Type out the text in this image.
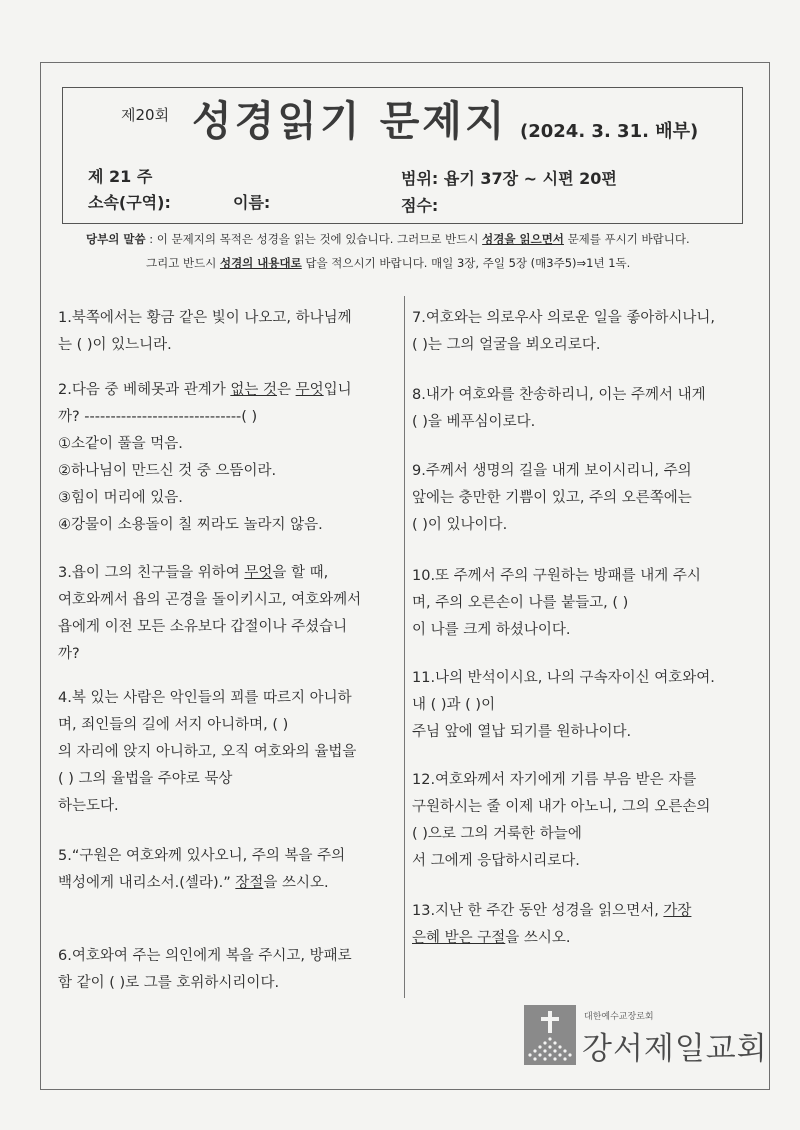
제20회 성경읽기 문제지 (2024. 3. 31. 배부)
제 21 주
소속(구역):	이름:
범위: 욥기 37장 ~ 시편 20편
점수:
당부의 말씀 : 이 문제지의 목적은 성경을 읽는 것에 있습니다. 그러므로 반드시 성경을 읽으면서 문제를 푸시기 바랍니다.
그리고 반드시 성경의 내용대로 답을 적으시기 바랍니다. 매일 3장, 주일 5장 (매3주5)⇒1년 1독.
1.북쪽에서는 황금 같은 빛이 나오고, 하나님께
는 ( )이 있느니라.
2.다음 중 베헤못과 관계가 없는 것은 무엇입니
까? ------------------------------( )
①소같이 풀을 먹음.
②하나님이 만드신 것 중 으뜸이라.
③힘이 머리에 있음.
④강물이 소용돌이 칠 찌라도 놀라지 않음.
3.욥이 그의 친구들을 위하여 무엇을 할 때,
여호와께서 욥의 곤경을 돌이키시고, 여호와께서
욥에게 이전 모든 소유보다 갑절이나 주셨습니
까?
4.복 있는 사람은 악인들의 꾀를 따르지 아니하
며, 죄인들의 길에 서지 아니하며, ( )
의 자리에 앉지 아니하고, 오직 여호와의 율법을
( ) 그의 율법을 주야로 묵상
하는도다.
5.“구원은 여호와께 있사오니, 주의 복을 주의
백성에게 내리소서.(셀라).” 장절을 쓰시오.
6.여호와여 주는 의인에게 복을 주시고, 방패로
함 같이 ( )로 그를 호위하시리이다.
7.여호와는 의로우사 의로운 일을 좋아하시나니,
( )는 그의 얼굴을 뵈오리로다.
8.내가 여호와를 찬송하리니, 이는 주께서 내게
( )을 베푸심이로다.
9.주께서 생명의 길을 내게 보이시리니, 주의
앞에는 충만한 기쁨이 있고, 주의 오른쪽에는
( )이 있나이다.
10.또 주께서 주의 구원하는 방패를 내게 주시
며, 주의 오른손이 나를 붙들고, ( )
이 나를 크게 하셨나이다.
11.나의 반석이시요, 나의 구속자이신 여호와여.
내 ( )과 ( )이
주님 앞에 열납 되기를 원하나이다.
12.여호와께서 자기에게 기름 부음 받은 자를
구원하시는 줄 이제 내가 아노니, 그의 오른손의
( )으로 그의 거룩한 하늘에
서 그에게 응답하시리로다.
13.지난 한 주간 동안 성경을 읽으면서, 가장
은혜 받은 구절을 쓰시오.
대한예수교장로회
강서제일교회
